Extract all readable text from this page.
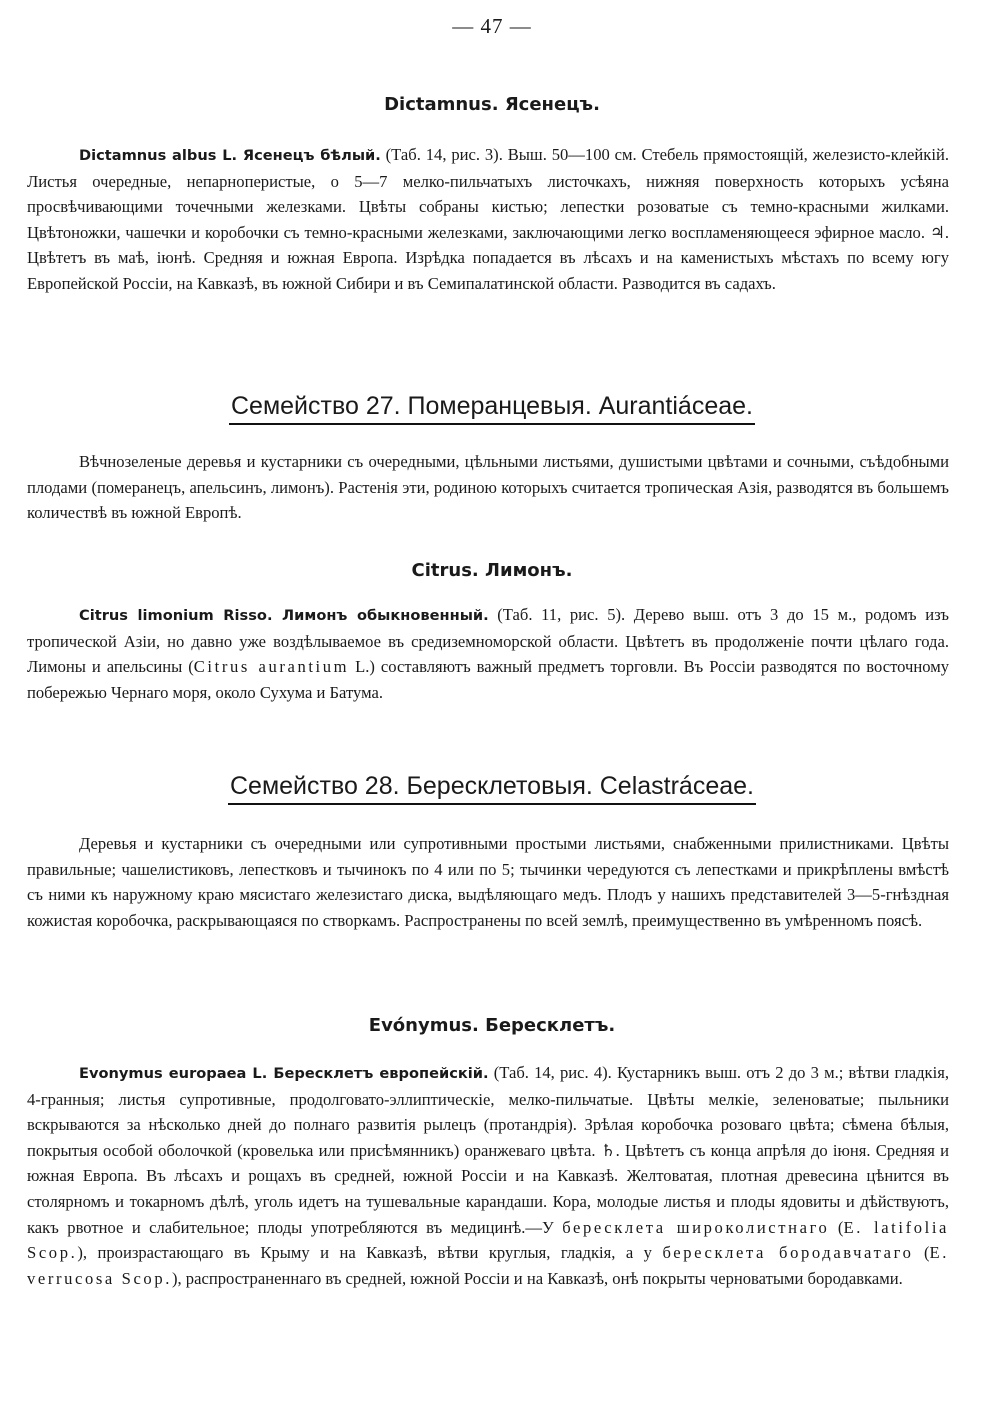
— 47 —
Dictamnus. Ясенецъ.

Dictamnus albus L. Ясенецъ бѣлый. (Таб. 14, рис. 3). Выш. 50—100 см. Стебель прямостоящій, железисто-клейкій. Листья очередные, непарноперистые, о 5—7 мелко-пильчатыхъ листочкахъ, нижняя поверхность которыхъ усѣяна просвѣчивающими точечными железками. Цвѣты собраны кистью; лепестки розоватые съ темно-красными жилками. Цвѣтоножки, чашечки и коробочки съ темно-красными железками, заключающими легко воспламеняющееся эфирное масло. ♃. Цвѣтетъ въ маѣ, іюнѣ. Средняя и южная Европа. Изрѣдка попадается въ лѣсахъ и на каменистыхъ мѣстахъ по всему югу Европейской Россіи, на Кавказѣ, въ южной Сибири и въ Семипалатинской области. Разводится въ садахъ.

Семейство 27. Померанцевыя. Aurantiáceae.

Вѣчнозеленые деревья и кустарники съ очередными, цѣльными листьями, душистыми цвѣтами и сочными, съѣдобными плодами (померанецъ, апельсинъ, лимонъ). Растенія эти, родиною которыхъ считается тропическая Азія, разводятся въ большемъ количествѣ въ южной Европѣ.

Citrus. Лимонъ.

Citrus limonium Risso. Лимонъ обыкновенный. (Таб. 11, рис. 5). Дерево выш. отъ 3 до 15 м., родомъ изъ тропической Азіи, но давно уже воздѣлываемое въ средиземноморской области. Цвѣтетъ въ продолженіе почти цѣлаго года. Лимоны и апельсины (Citrus aurantium L.) составляютъ важный предметъ торговли. Въ Россіи разводятся по восточному побережью Чернаго моря, около Сухума и Батума.

Семейство 28. Бересклетовыя. Celastráceae.

Деревья и кустарники съ очередными или супротивными простыми листьями, снабженными прилистниками. Цвѣты правильные; чашелистиковъ, лепестковъ и тычинокъ по 4 или по 5; тычинки чередуются съ лепестками и прикрѣплены вмѣстѣ съ ними къ наружному краю мясистаго железистаго диска, выдѣляющаго медъ. Плодъ у нашихъ представителей 3—5-гнѣздная кожистая коробочка, раскрывающаяся по створкамъ. Распространены по всей землѣ, преимущественно въ умѣренномъ поясѣ.

Evónymus. Бересклетъ.

Evonymus europaea L. Бересклетъ европейскій. (Таб. 14, рис. 4). Кустарникъ выш. отъ 2 до 3 м.; вѣтви гладкія, 4-гранныя; листья супротивные, продолговато-эллиптическіе, мелко-пильчатые. Цвѣты мелкіе, зеленоватые; пыльники вскрываются за нѣсколько дней до полнаго развитія рылецъ (протандрія). Зрѣлая коробочка розоваго цвѣта; сѣмена бѣлыя, покрытыя особой оболочкой (кровелька или присѣмянникъ) оранжеваго цвѣта. ♄. Цвѣтетъ съ конца апрѣля до іюня. Средняя и южная Европа. Въ лѣсахъ и рощахъ въ средней, южной Россіи и на Кавказѣ. Желтоватая, плотная древесина цѣнится въ столярномъ и токарномъ дѣлѣ, уголь идетъ на тушевальные карандаши. Кора, молодые листья и плоды ядовиты и дѣйствуютъ, какъ рвотное и слабительное; плоды употребляются въ медицинѣ.—У бересклета широколистнаго (E. latifolia Scop.), произрастающаго въ Крыму и на Кавказѣ, вѣтви круглыя, гладкія, а у бересклета бородавчатаго (E. verrucosa Scop.), распространеннаго въ средней, южной Россіи и на Кавказѣ, онѣ покрыты черноватыми бородавками.
